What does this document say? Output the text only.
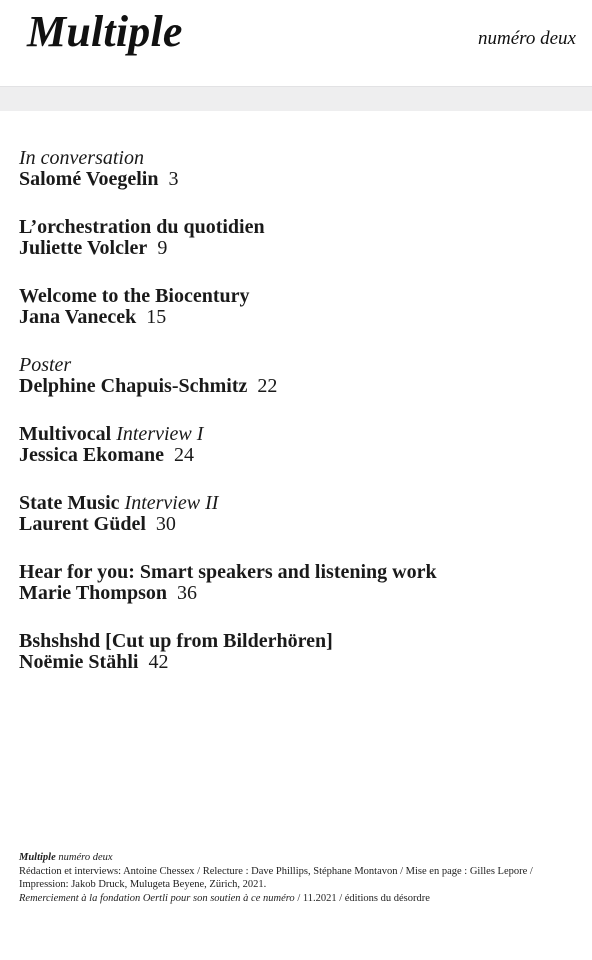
Multiple	numéro deux
In conversation
Salomé Voegelin 3
L’orchestration du quotidien
Juliette Volcler 9
Welcome to the Biocentury
Jana Vanecek 15
Poster
Delphine Chapuis-Schmitz 22
Multivocal Interview I
Jessica Ekomane 24
State Music Interview II
Laurent Güdel 30
Hear for you: Smart speakers and listening work
Marie Thompson 36
Bshshshd [Cut up from Bilderhören]
Noëmie Stähli 42
Multiple numéro deux
Rédaction et interviews: Antoine Chessex / Relecture : Dave Phillips, Stéphane Montavon / Mise en page : Gilles Lepore /
Impression: Jakob Druck, Mulugeta Beyene, Zürich, 2021.
Remerciement à la fondation Oertli pour son soutien à ce numéro / 11.2021 / éditions du désordre
